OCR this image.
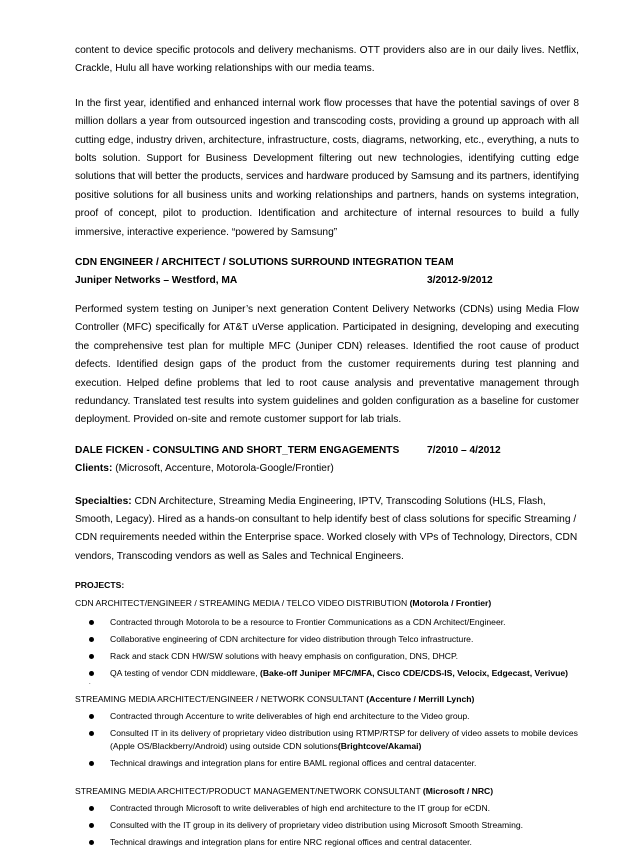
content to device specific protocols and delivery mechanisms. OTT providers also are in our daily lives. Netflix, Crackle, Hulu all have working relationships with our media teams.

In the first year, identified and enhanced internal work flow processes that have the potential savings of over 8 million dollars a year from outsourced ingestion and transcoding costs, providing a ground up approach with all cutting edge, industry driven, architecture, infrastructure, costs, diagrams, networking, etc., everything, a nuts to bolts solution. Support for Business Development filtering out new technologies, identifying cutting edge solutions that will better the products, services and hardware produced by Samsung and its partners, identifying positive solutions for all business units and working relationships and partners, hands on systems integration, proof of concept, pilot to production. Identification and architecture of internal resources to build a fully immersive, interactive experience. “powered by Samsung”

CDN ENGINEER / ARCHITECT / SOLUTIONS SURROUND INTEGRATION TEAM
Juniper Networks – Westford, MA	3/2012-9/2012

Performed system testing on Juniper’s next generation Content Delivery Networks (CDNs) using Media Flow Controller (MFC) specifically for AT&T uVerse application. Participated in designing, developing and executing the comprehensive test plan for multiple MFC (Juniper CDN) releases. Identified the root cause of product defects. Identified design gaps of the product from the customer requirements during test planning and execution. Helped define problems that led to root cause analysis and preventative management through redundancy. Translated test results into system guidelines and golden configuration as a baseline for customer deployment. Provided on-site and remote customer support for lab trials.

DALE FICKEN - CONSULTING AND SHORT_TERM ENGAGEMENTS	7/2010 – 4/2012

Clients: (Microsoft, Accenture, Motorola-Google/Frontier)

Specialties: CDN Architecture, Streaming Media Engineering, IPTV, Transcoding Solutions (HLS, Flash, Smooth, Legacy). Hired as a hands-on consultant to help identify best of class solutions for specific Streaming / CDN requirements needed within the Enterprise space. Worked closely with VPs of Technology, Directors, CDN vendors, Transcoding vendors as well as Sales and Technical Engineers.

PROJECTS:

CDN ARCHITECT/ENGINEER / STREAMING MEDIA / TELCO VIDEO DISTRIBUTION (Motorola / Frontier)

Contracted through Motorola to be a resource to Frontier Communications as a CDN Architect/Engineer.
Collaborative engineering of CDN architecture for video distribution through Telco infrastructure.
Rack and stack CDN HW/SW solutions with heavy emphasis on configuration, DNS, DHCP.
QA testing of vendor CDN middleware, (Bake-off Juniper MFC/MFA, Cisco CDE/CDS-IS, Velocix, Edgecast, Verivue)
.

STREAMING MEDIA ARCHITECT/ENGINEER / NETWORK CONSULTANT (Accenture / Merrill Lynch)

Contracted through Accenture to write deliverables of high end architecture to the Video group.
Consulted IT in its delivery of proprietary video distribution using RTMP/RTSP for delivery of video assets to mobile devices (Apple OS/Blackberry/Android) using outside CDN solutions(Brightcove/Akamai)
Technical drawings and integration plans for entire BAML regional offices and central datacenter.

STREAMING MEDIA ARCHITECT/PRODUCT MANAGEMENT/NETWORK CONSULTANT (Microsoft / NRC)

Contracted through Microsoft to write deliverables of high end architecture to the IT group for eCDN.
Consulted with the IT group in its delivery of proprietary video distribution using Microsoft Smooth Streaming.
Technical drawings and integration plans for entire NRC regional offices and central datacenter.
